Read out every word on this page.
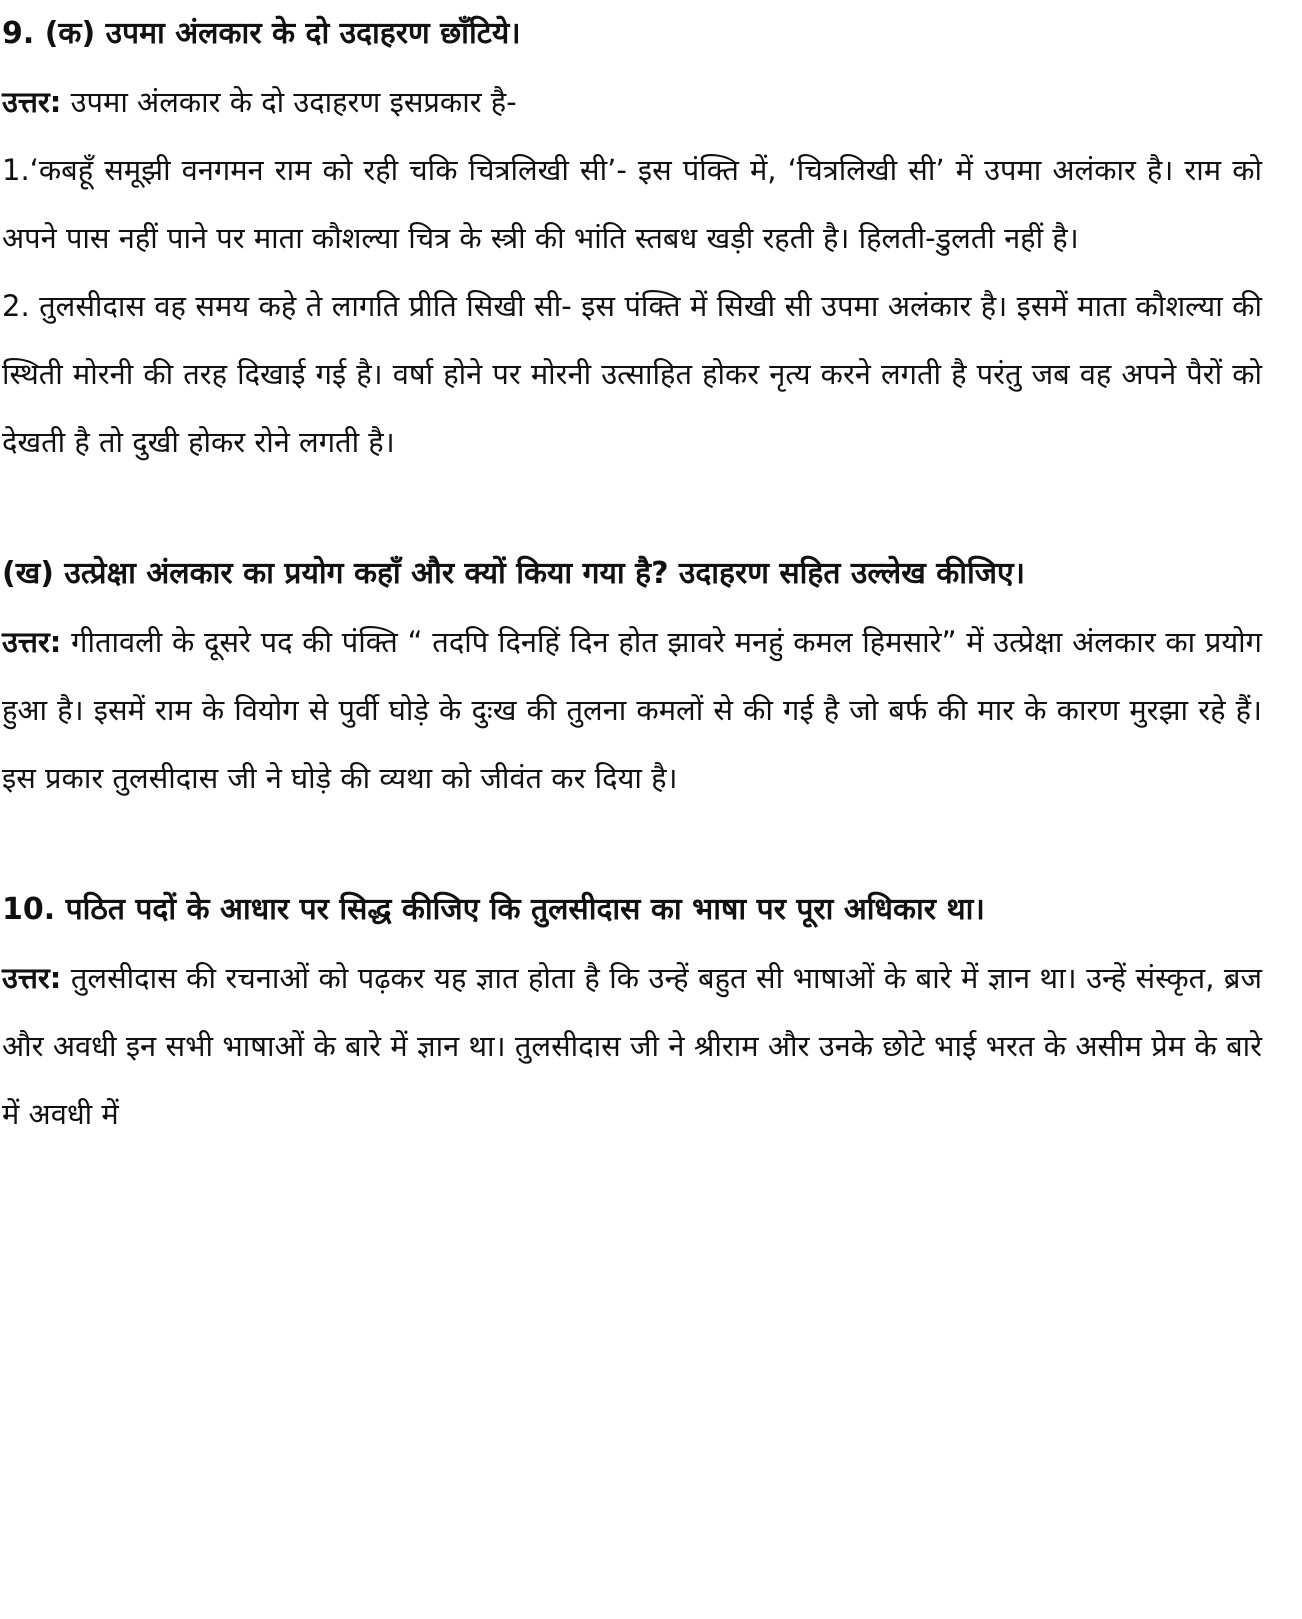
9. (क) उपमा अंलकार के दो उदाहरण छाँटिये।

उत्तर: उपमा अंलकार के दो उदाहरण इसप्रकार है-

1.‘कबहूँ समूझी वनगमन राम को रही चकि चित्रलिखी सी’- इस पंक्ति में, ‘चित्रलिखी सी’ में उपमा अलंकार है। राम को अपने पास नहीं पाने पर माता कौशल्या चित्र के स्त्री की भांति स्तबध खड़ी रहती है। हिलती-डुलती नहीं है।

2. तुलसीदास वह समय कहे ते लागति प्रीति सिखी सी- इस पंक्ति में सिखी सी उपमा अलंकार है। इसमें माता कौशल्या की स्थिती मोरनी की तरह दिखाई गई है। वर्षा होने पर मोरनी उत्साहित होकर नृत्य करने लगती है परंतु जब वह अपने पैरों को देखती है तो दुखी होकर रोने लगती है।

(ख) उत्प्रेक्षा अंलकार का प्रयोग कहाँ और क्यों किया गया है? उदाहरण सहित उल्लेख कीजिए।

उत्तर: गीतावली के दूसरे पद की पंक्ति “ तदपि दिनहिं दिन होत झावरे मनहुं कमल हिमसारे” में उत्प्रेक्षा अंलकार का प्रयोग हुआ है। इसमें राम के वियोग से पुर्वी घोड़े के दुःख की तुलना कमलों से की गई है जो बर्फ की मार के कारण मुरझा रहे हैं। इस प्रकार तुलसीदास जी ने घोड़े की व्यथा को जीवंत कर दिया है।

10. पठित पदों के आधार पर सिद्ध कीजिए कि तुलसीदास का भाषा पर पूरा अधिकार था।

उत्तर: तुलसीदास की रचनाओं को पढ़कर यह ज्ञात होता है कि उन्हें बहुत सी भाषाओं के बारे में ज्ञान था। उन्हें संस्कृत, ब्रज और अवधी इन सभी भाषाओं के बारे में ज्ञान था। तुलसीदास जी ने श्रीराम और उनके छोटे भाई भरत के असीम प्रेम के बारे में अवधी में
